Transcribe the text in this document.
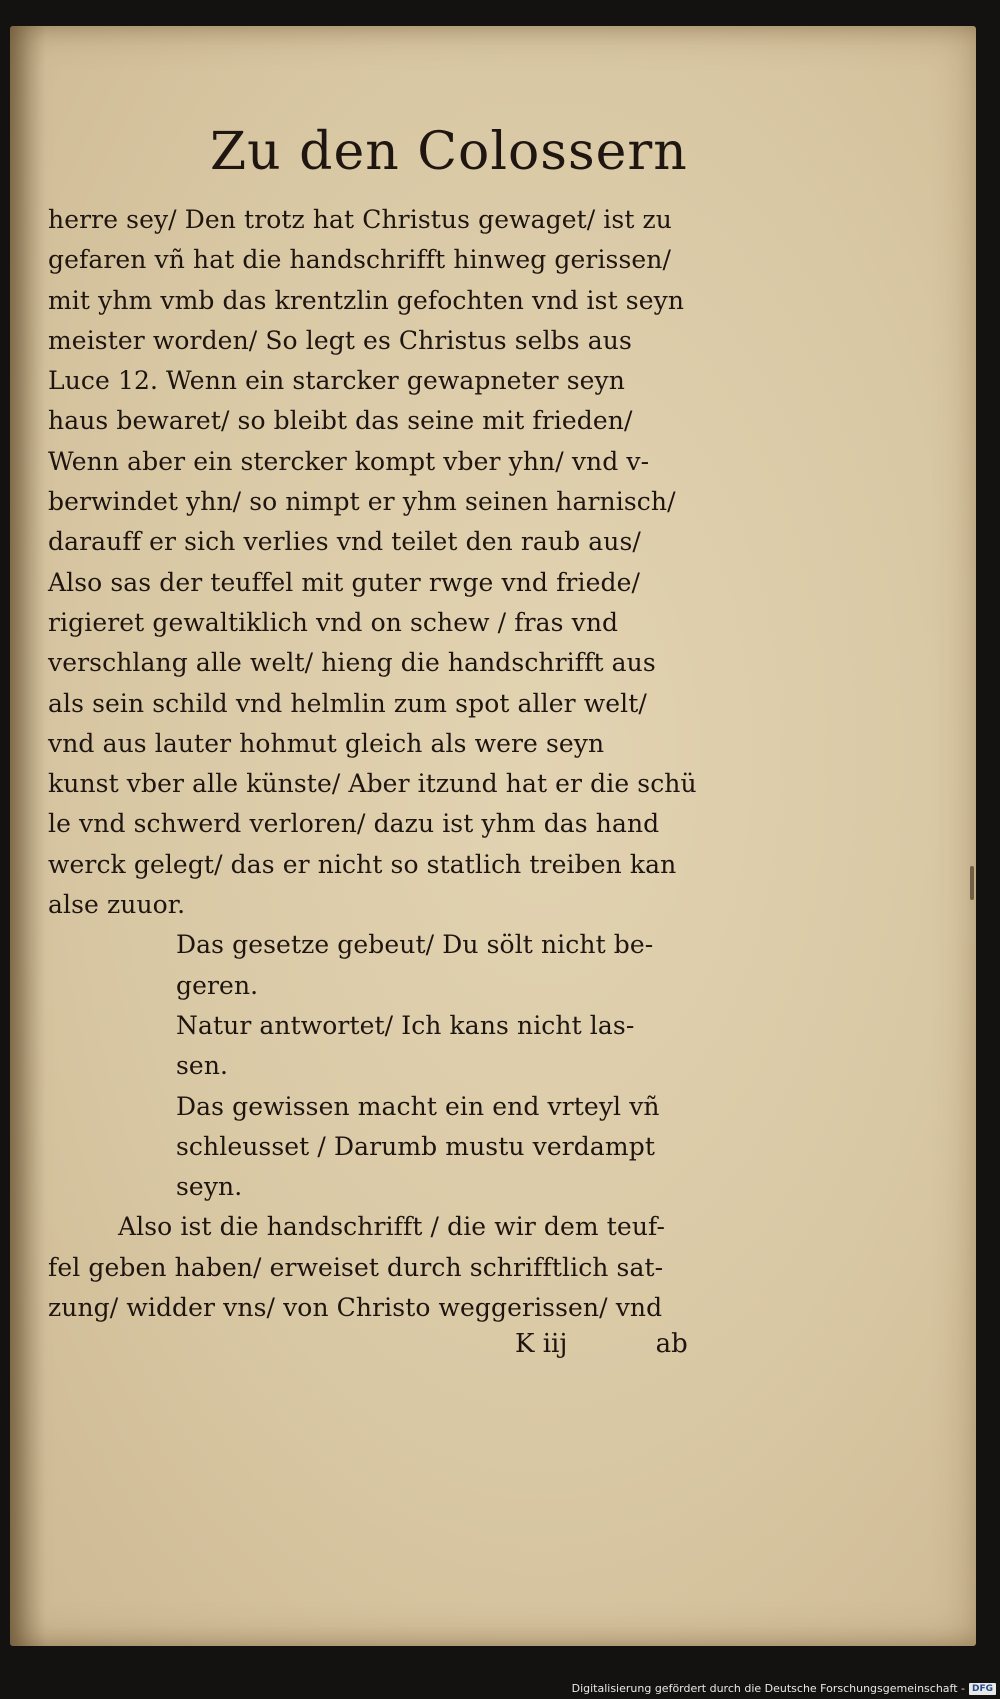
Zu den Colossern
herre sey/ Den trotz hat Christus gewaget/ ist zu
gefaren vñ hat die handschrifft hinweg gerissen/
mit yhm vmb das krentzlin gefochten vnd ist seyn
meister worden/ So legt es Christus selbs aus
Luce 12. Wenn ein starcker gewapneter seyn
haus bewaret/ so bleibt das seine mit frieden/
Wenn aber ein stercker kompt vber yhn/ vnd v-
berwindet yhn/ so nimpt er yhm seinen harnisch/
darauff er sich verlies vnd teilet den raub aus/
Also sas der teuffel mit guter rwge vnd friede/
rigieret gewaltiklich vnd on schew / fras vnd
verschlang alle welt/ hieng die handschrifft aus
als sein schild vnd helmlin zum spot aller welt/
vnd aus lauter hohmut gleich als were seyn
kunst vber alle künste/ Aber itzund hat er die schü
le vnd schwerd verloren/ dazu ist yhm das hand
werck gelegt/ das er nicht so statlich treiben kan
alse zuuor.
Das gesetze gebeut/ Du sölt nicht be-
geren.
Natur antwortet/ Ich kans nicht las-
sen.
Das gewissen macht ein end vrteyl vñ
schleusset / Darumb mustu verdampt
seyn.
Also ist die handschrifft / die wir dem teuf-
fel geben haben/ erweiset durch schrifftlich sat-
zung/ widder vns/ von Christo weggerissen/ vnd
K iij	ab
Digitalisierung gefördert durch die Deutsche Forschungsgemeinschaft - DFG
